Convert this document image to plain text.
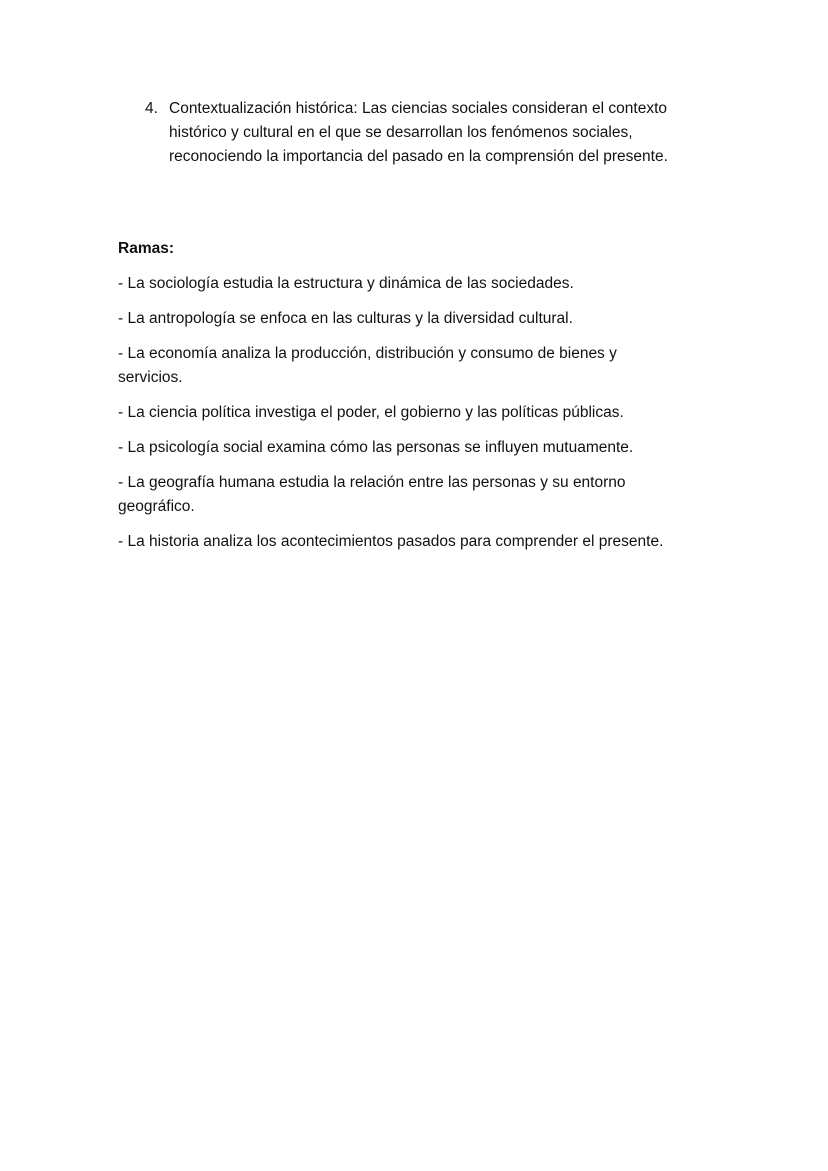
4. Contextualización histórica: Las ciencias sociales consideran el contexto histórico y cultural en el que se desarrollan los fenómenos sociales, reconociendo la importancia del pasado en la comprensión del presente.

Ramas:

- La sociología estudia la estructura y dinámica de las sociedades.

- La antropología se enfoca en las culturas y la diversidad cultural.

- La economía analiza la producción, distribución y consumo de bienes y servicios.

- La ciencia política investiga el poder, el gobierno y las políticas públicas.

- La psicología social examina cómo las personas se influyen mutuamente.

- La geografía humana estudia la relación entre las personas y su entorno geográfico.

- La historia analiza los acontecimientos pasados para comprender el presente.
